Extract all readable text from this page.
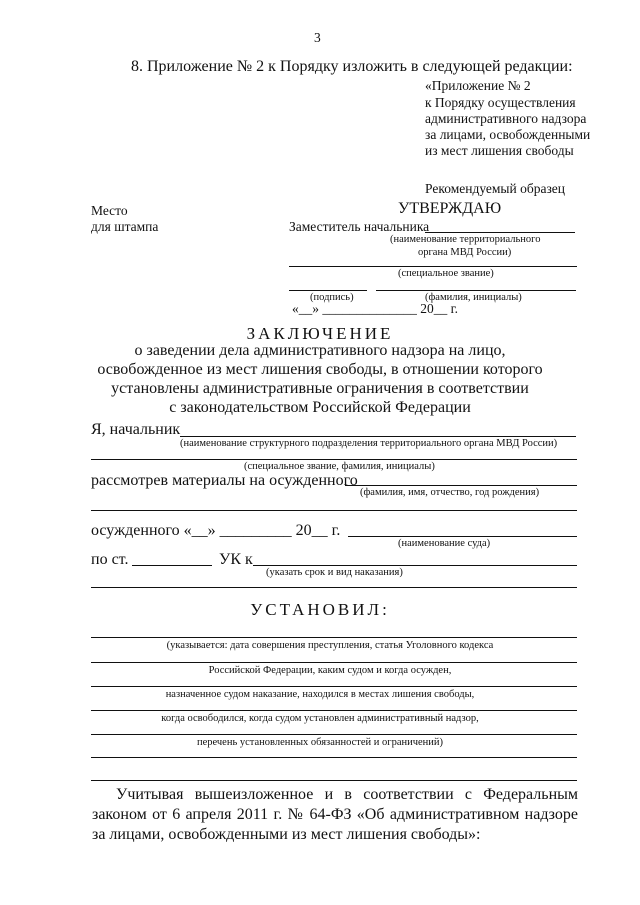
3
8. Приложение № 2 к Порядку изложить в следующей редакции:
«Приложение № 2
к Порядку осуществления
административного надзора
за лицами, освобожденными
из мест лишения свободы
Рекомендуемый образец
Место
для штампа
УТВЕРЖДАЮ
Заместитель начальника
(наименование территориального
органа МВД России)
(специальное звание)
(подпись)	(фамилия, инициалы)
«__» ______________ 20__ г.
ЗАКЛЮЧЕНИЕ
о заведении дела административного надзора на лицо,
освобожденное из мест лишения свободы, в отношении которого
установлены административные ограничения в соответствии
с законодательством Российской Федерации
Я, начальник
(наименование структурного подразделения территориального органа МВД России)
(специальное звание, фамилия, инициалы)
рассмотрев материалы на осужденного
(фамилия, имя, отчество, год рождения)
осужденного «__» _________ 20__ г.
(наименование суда)
по ст.	УК к
(указать срок и вид наказания)
УСТАНОВИЛ:
(указывается: дата совершения преступления, статья Уголовного кодекса
Российской Федерации, каким судом и когда осужден,
назначенное судом наказание, находился в местах лишения свободы,
когда освободился, когда судом установлен административный надзор,
перечень установленных обязанностей и ограничений)
Учитывая вышеизложенное и в соответствии с Федеральным законом от 6 апреля 2011 г. № 64-ФЗ «Об административном надзоре за лицами, освобожденными из мест лишения свободы»:
